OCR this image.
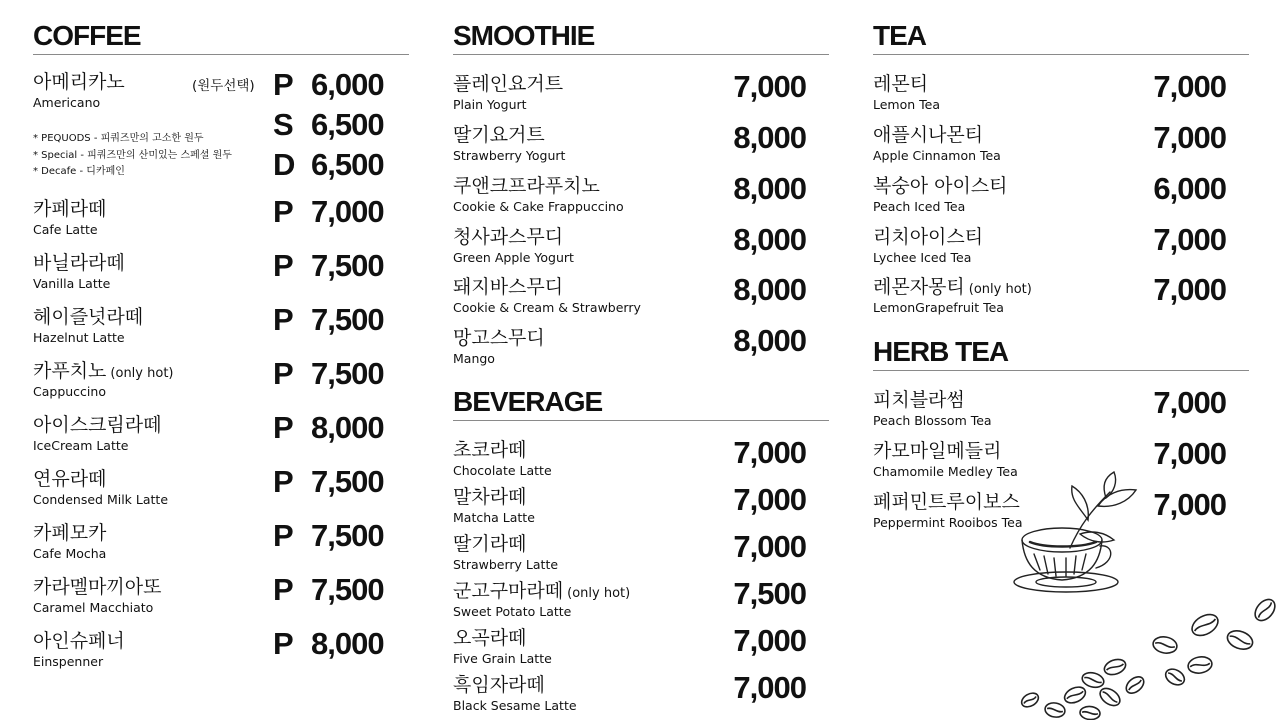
COFFEE
아메리카노	(원두선택)
Americano
P 6,000
S 6,500
D 6,500
* PEQUODS - 피쿼즈만의 고소한 원두
* Special - 피쿼즈만의 산미있는 스페셜 원두
* Decafe - 디카페인
카페라떼
Cafe Latte
P 7,000
바닐라라떼
Vanilla Latte
P 7,500
헤이즐넛라떼
Hazelnut Latte
P 7,500
카푸치노 (only hot)
Cappuccino
P 7,500
아이스크림라떼
IceCream Latte
P 8,000
연유라떼
Condensed Milk Latte
P 7,500
카페모카
Cafe Mocha
P 7,500
카라멜마끼아또
Caramel Macchiato
P 7,500
아인슈페너
Einspenner
P 8,000
SMOOTHIE
플레인요거트
Plain Yogurt
7,000
딸기요거트
Strawberry Yogurt
8,000
쿠앤크프라푸치노
Cookie & Cake Frappuccino
8,000
청사과스무디
Green Apple Yogurt
8,000
돼지바스무디
Cookie & Cream & Strawberry
8,000
망고스무디
Mango
8,000
BEVERAGE
초코라떼
Chocolate Latte
7,000
말차라떼
Matcha Latte
7,000
딸기라떼
Strawberry Latte
7,000
군고구마라떼 (only hot)
Sweet Potato Latte
7,500
오곡라떼
Five Grain Latte
7,000
흑임자라떼
Black Sesame Latte
7,000
TEA
레몬티
Lemon Tea
7,000
애플시나몬티
Apple Cinnamon Tea
7,000
복숭아 아이스티
Peach Iced Tea
6,000
리치아이스티
Lychee Iced Tea
7,000
레몬자몽티 (only hot)
LemonGrapefruit Tea
7,000
HERB TEA
피치블라썸
Peach Blossom Tea
7,000
카모마일메들리
Chamomile Medley Tea
7,000
페퍼민트루이보스
Peppermint Rooibos Tea
7,000
